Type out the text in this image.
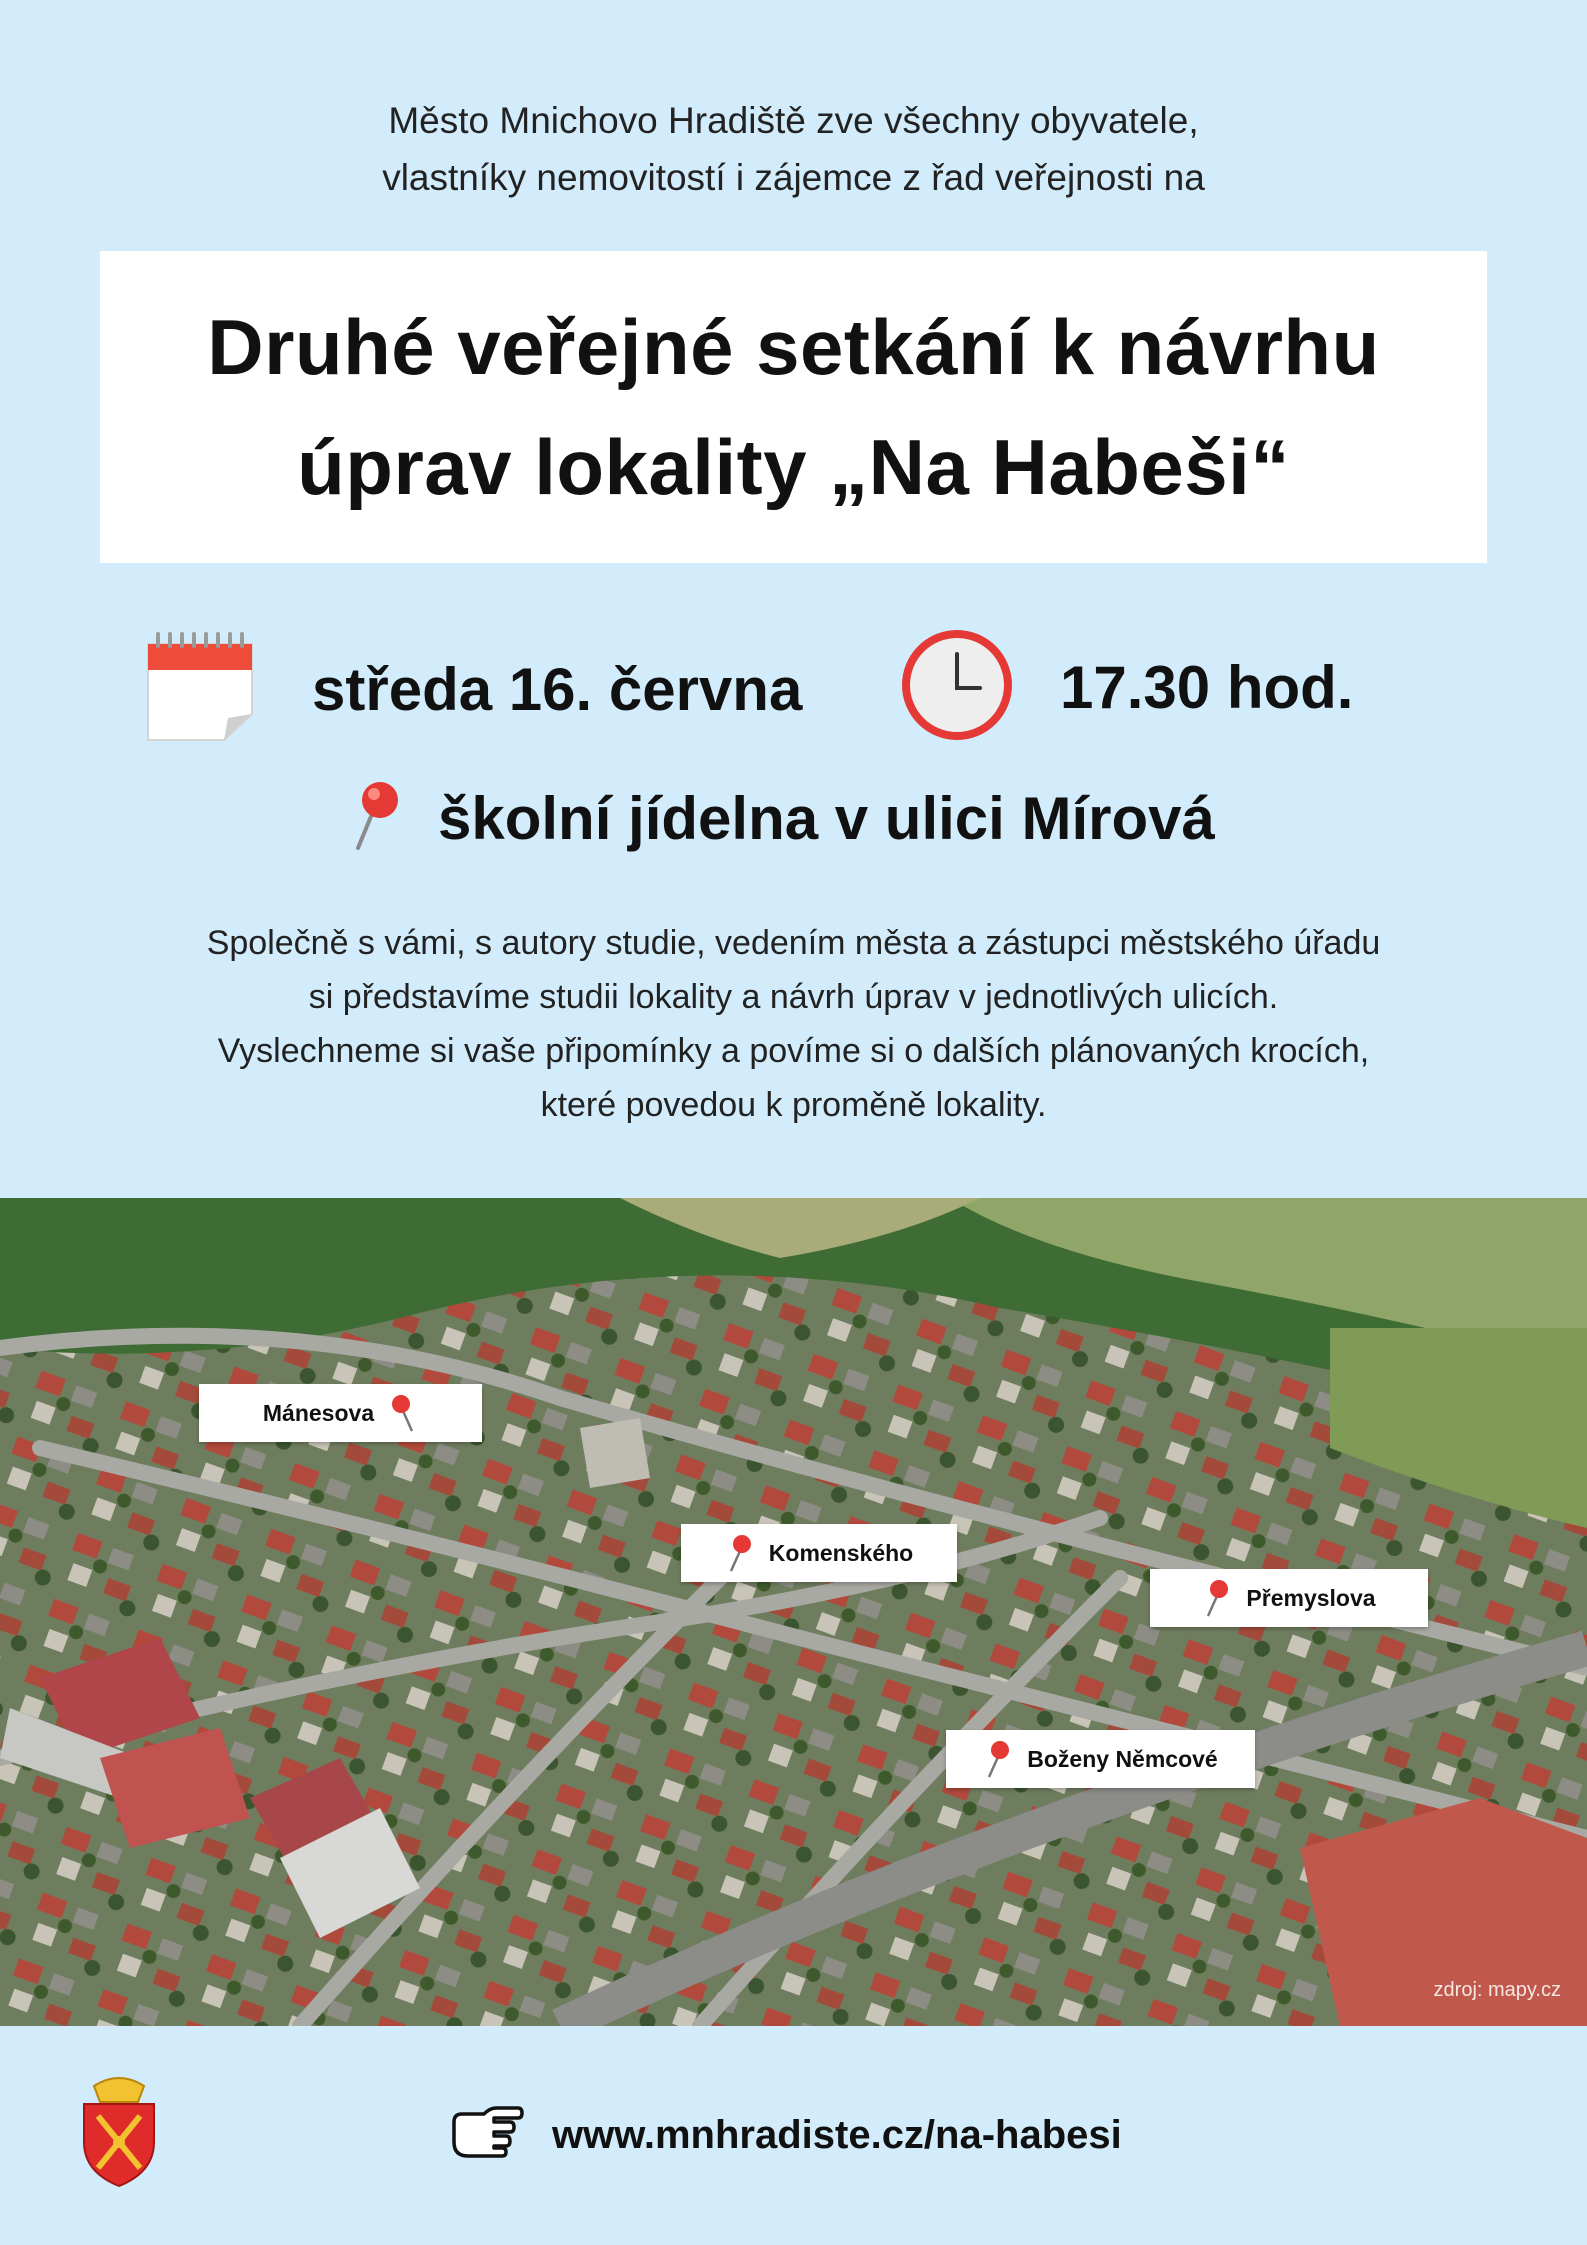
Město Mnichovo Hradiště zve všechny obyvatele,
vlastníky nemovitostí i zájemce z řad veřejnosti na
Druhé veřejné setkání k návrhu
úprav lokality „Na Habeši“
středa 16. června	17.30 hod.
školní jídelna v ulici Mírová
Společně s vámi, s autory studie, vedením města a zástupci městského úřadu
si představíme studii lokality a návrh úprav v jednotlivých ulicích.
Vyslechneme si vaše připomínky a povíme si o dalších plánovaných krocích,
které povedou k proměně lokality.
Mánesova
Komenského
Přemyslova
Boženy Němcové
zdroj: mapy.cz
www.mnhradiste.cz/na-habesi
